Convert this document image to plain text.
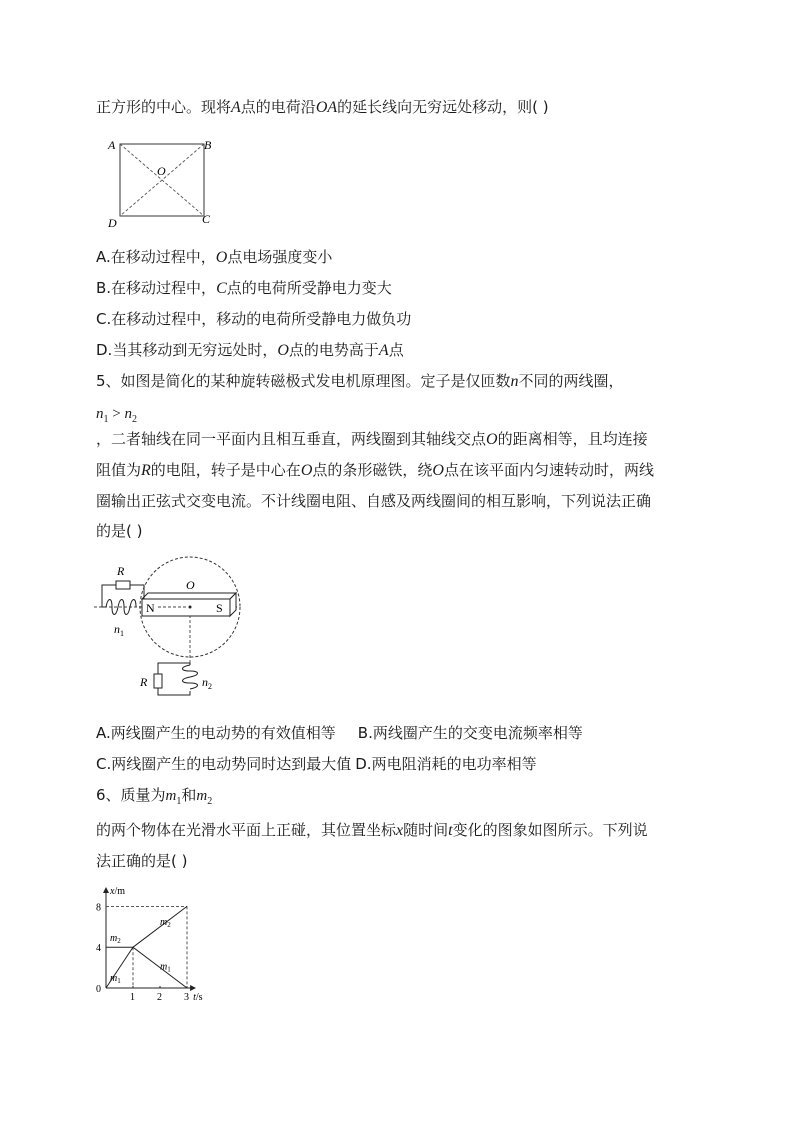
正方形的中心。现将A点的电荷沿OA的延长线向无穷远处移动，则( )
A	B
C
D
O
A.在移动过程中，O点电场强度变小
B.在移动过程中，C点的电荷所受静电力变大
C.在移动过程中，移动的电荷所受静电力做负功
D.当其移动到无穷远处时，O点的电势高于A点
5、如图是简化的某种旋转磁极式发电机原理图。定子是仅匝数n不同的两线圈，
$n_1 > n_2$
，二者轴线在同一平面内且相互垂直，两线圈到其轴线交点O的距离相等，且均连接
阻值为R的电阻，转子是中心在O点的条形磁铁，绕O点在该平面内匀速转动时，两线
圈输出正弦式交变电流。不计线圈电阻、自感及两线圈间的相互影响，下列说法正确
的是( )
N	S
O
R
$n_1$
R	$n_2$
A.两线圈产生的电动势的有效值相等 B.两线圈产生的交变电流频率相等
C.两线圈产生的电动势同时达到最大值 D.两电阻消耗的电功率相等
6、质量为$m_1$和$m_2$
的两个物体在光滑水平面上正碰，其位置坐标x随时间t变化的图象如图所示。下列说
法正确的是( )
t/s
x/m
0
1 2 3
4
8
$m_2$
$m_1$
$m_2$
$m_1$
